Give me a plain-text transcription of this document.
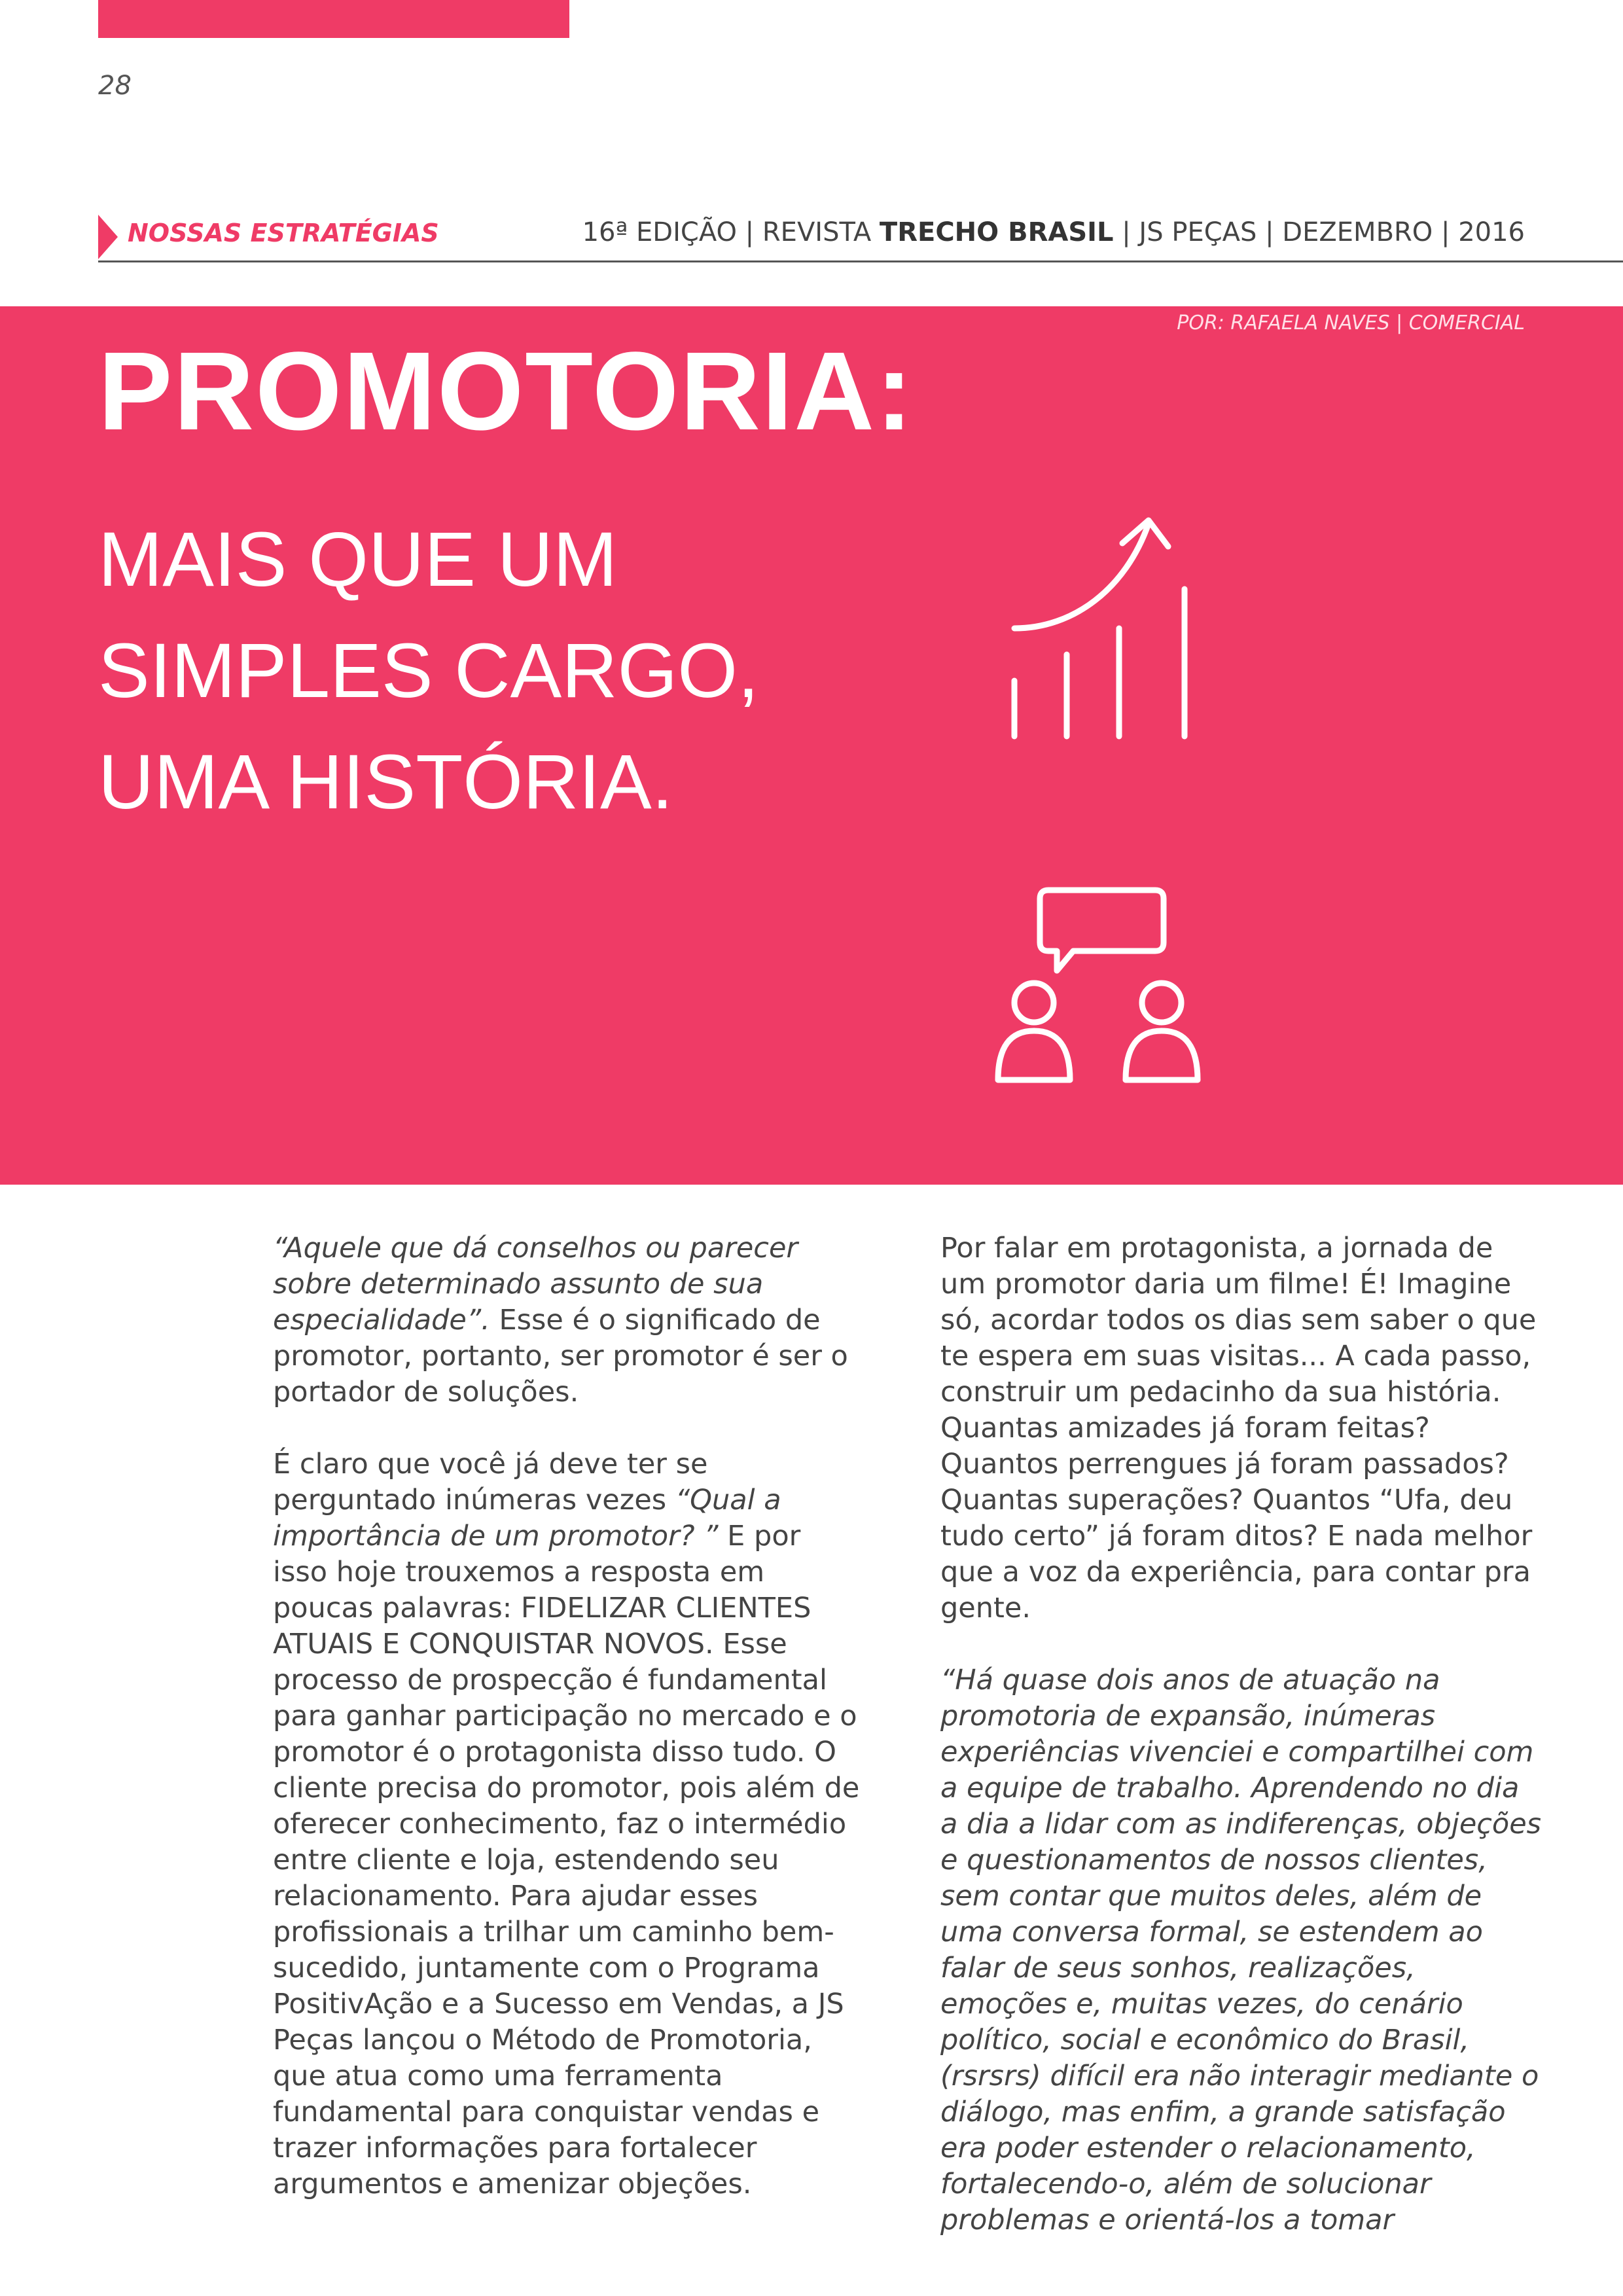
28
NOSSAS ESTRATÉGIAS	16ª EDIÇÃO | REVISTA TRECHO BRASIL | JS PEÇAS | DEZEMBRO | 2016
POR: RAFAELA NAVES | COMERCIAL
PROMOTORIA:
MAIS QUE UM
SIMPLES CARGO,
UMA HISTÓRIA.

“Aquele que dá conselhos ou parecer sobre determinado assunto de sua especialidade”. Esse é o significado de promotor, portanto, ser promotor é ser o portador de soluções.

É claro que você já deve ter se perguntado inúmeras vezes “Qual a importância de um promotor? ” E por isso hoje trouxemos a resposta em poucas palavras: FIDELIZAR CLIENTES ATUAIS E CONQUISTAR NOVOS. Esse processo de prospecção é fundamental para ganhar participação no mercado e o promotor é o protagonista disso tudo. O cliente precisa do promotor, pois além de oferecer conhecimento, faz o intermédio entre cliente e loja, estendendo seu relacionamento. Para ajudar esses profissionais a trilhar um caminho bem-sucedido, juntamente com o Programa PositivAção e a Sucesso em Vendas, a JS Peças lançou o Método de Promotoria, que atua como uma ferramenta fundamental para conquistar vendas e trazer informações para fortalecer argumentos e amenizar objeções.

Por falar em protagonista, a jornada de um promotor daria um filme! É! Imagine só, acordar todos os dias sem saber o que te espera em suas visitas... A cada passo, construir um pedacinho da sua história. Quantas amizades já foram feitas? Quantos perrengues já foram passados? Quantas superações? Quantos “Ufa, deu tudo certo” já foram ditos? E nada melhor que a voz da experiência, para contar pra gente.

“Há quase dois anos de atuação na promotoria de expansão, inúmeras experiências vivenciei e compartilhei com a equipe de trabalho. Aprendendo no dia a dia a lidar com as indiferenças, objeções e questionamentos de nossos clientes, sem contar que muitos deles, além de uma conversa formal, se estendem ao falar de seus sonhos, realizações, emoções e, muitas vezes, do cenário político, social e econômico do Brasil, (rsrsrs) difícil era não interagir mediante o diálogo, mas enfim, a grande satisfação era poder estender o relacionamento, fortalecendo-o, além de solucionar problemas e orientá-los a tomar
